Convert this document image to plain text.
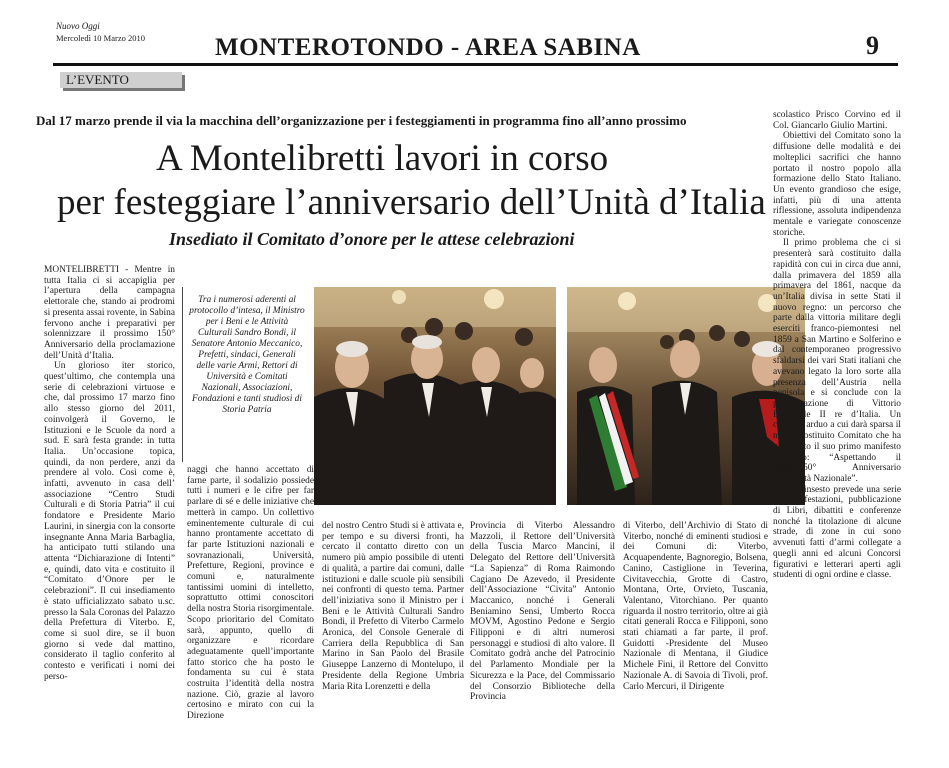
Nuovo Oggi
Mercoledì 10 Marzo 2010	MONTEROTONDO - AREA SABINA	9
L’EVENTO
Dal 17 marzo prende il via la macchina dell’organizzazione per i festeggiamenti in programma fino all’anno prossimo
A Montelibretti lavori in corso
per festeggiare l’anniversario dell’Unità d’Italia
Insediato il Comitato d’onore per le attese celebrazioni

MONTELIBRETTI - Mentre in tutta Italia ci si accapiglia per l’apertura della campagna elettorale che, stando ai prodromi si presenta assai rovente, in Sabina fervono anche i preparativi per solennizzare il prossimo 150° Anniversario della proclamazione dell’Unità d’Italia.

Un glorioso iter storico, quest’ultimo, che contempla una serie di celebrazioni virtuose e che, dal prossimo 17 marzo fino allo stesso giorno del 2011, coinvolgerà il Governo, le Istituzioni e le Scuole da nord a sud. E sarà festa grande: in tutta Italia. Un’occasione topica, quindi, da non perdere, anzi da prendere al volo. Così come è, infatti, avvenuto in casa dell’ associazione “Centro Studi Culturali e di Storia Patria” il cui fondatore e Presidente Mario Laurini, in sinergia con la consorte insegnante Anna Maria Barbaglia, ha anticipato tutti stilando una attenta “Dichiarazione di Intenti” e, quindi, dato vita e costituito il “Comitato d’Onore per le celebrazioni”. Il cui insediamento è stato ufficializzato sabato u.sc. presso la Sala Coronas del Palazzo della Prefettura di Viterbo. E, come si suol dire, se il buon giorno si vede dal mattino, considerato il taglio conferito al contesto e verificati i nomi dei perso-

Tra i numerosi aderenti al protocollo d’intesa, il Ministro per i Beni e le Attività Culturali Sandro Bondi, il Senatore Antonio Meccanico, Prefetti, sindaci, Generali delle varie Armi, Rettori di Università e Comitati Nazionali, Associazioni, Fondazioni e tanti studiosi di Storia Patria

naggi che hanno accettato di farne parte, il sodalizio possiede tutti i numeri e le cifre per far parlare di sé e delle iniziative che metterà in campo. Un collettivo eminentemente culturale di cui hanno prontamente accettato di far parte Istituzioni nazionali e sovranazionali, Università, Prefetture, Regioni, province e comuni e, naturalmente tantissimi uomini di intelletto, soprattutto ottimi conoscitori della nostra Storia risorgimentale. Scopo prioritario del Comitato sarà, appunto, quello di organizzare e ricordare adeguatamente quell’importante fatto storico che ha posto le fondamenta su cui è stata costruita l’identità della nostra nazione. Ciò, grazie al lavoro certosino e mirato con cui la Direzione

del nostro Centro Studi si è attivata e, per tempo e su diversi fronti, ha cercato il contatto diretto con un numero più ampio possibile di utenti di qualità, a partire dai comuni, dalle istituzioni e dalle scuole più sensibili nei confronti di questo tema. Partner dell’iniziativa sono il Ministro per i Beni e le Attività Culturali Sandro Bondi, il Prefetto di Viterbo Carmelo Aronica, del Console Generale di Carriera della Repubblica di San Marino in San Paolo del Brasile Giuseppe Lanzerno di Montelupo, il Presidente della Regione Umbria Maria Rita Lorenzetti e della

Provincia di Viterbo Alessandro Mazzoli, il Rettore dell’Università della Tuscia Marco Mancini, il Delegato del Rettore dell’Università “La Sapienza” di Roma Raimondo Cagiano De Azevedo, il Presidente dell’Associazione “Civita” Antonio Maccanico, nonché i Generali Beniamino Sensi, Umberto Rocca MOVM, Agostino Pedone e Sergio Filipponi e di altri numerosi personaggi e studiosi di alto valore. Il Comitato godrà anche del Patrocinio del Parlamento Mondiale per la Sicurezza e la Pace, del Commissario del Consorzio Biblioteche della Provincia

di Viterbo, dell’Archivio di Stato di Viterbo, nonché di eminenti studiosi e dei Comuni di: Viterbo, Acquapendente, Bagnoregio, Bolsena, Canino, Castiglione in Teverina, Civitavecchia, Grotte di Castro, Montana, Orte, Orvieto, Tuscania, Valentano, Vitorchiano. Per quanto riguarda il nostro territorio, oltre ai già citati generali Rocca e Filipponi, sono stati chiamati a far parte, il prof. Guidotti -Presidente del Museo Nazionale di Mentana, il Giudice Michele Fini, il Rettore del Convitto Nazionale A. di Savoia di Tivoli, prof. Carlo Mercuri, il Dirigente

scolastico Prisco Corvino ed il Col. Giancarlo Giulio Martini.

Obiettivi del Comitato sono la diffusione delle modalità e dei molteplici sacrifici che hanno portato il nostro popolo alla formazione dello Stato Italiano. Un evento grandioso che esige, infatti, più di una attenta riflessione, assoluta indipendenza mentale e variegate conoscenze storiche.

Il primo problema che ci si presenterà sarà costituito dalla rapidità con cui in circa due anni, dalla primavera del 1859 alla primavera del 1861, nacque da un’Italia divisa in sette Stati il nuovo regno: un percorso che parte dalla vittoria militare degli eserciti franco-piemontesi nel 1859 a San Martino e Solferino e dal contemporaneo progressivo sfaldarsi dei vari Stati italiani che avevano legato la loro sorte alla presenza dell’Austria nella penisola e si conclude con la proclamazione di Vittorio Emanuele II re d’Italia. Un compito arduo a cui darà sparsa il nuovo costituito Comitato che ha già varato il suo primo manifesto intitolato: “Aspettando il 2011...150° Anniversario dell’Unità Nazionale”.

Il Palinsesto prevede una serie di manifestazioni, pubblicazione di Libri, dibattiti e conferenze nonché la titolazione di alcune strade, di zone in cui sono avvenuti fatti d’armi collegate a quegli anni ed alcuni Concorsi figurativi e letterari aperti agli studenti di ogni ordine e classe.
